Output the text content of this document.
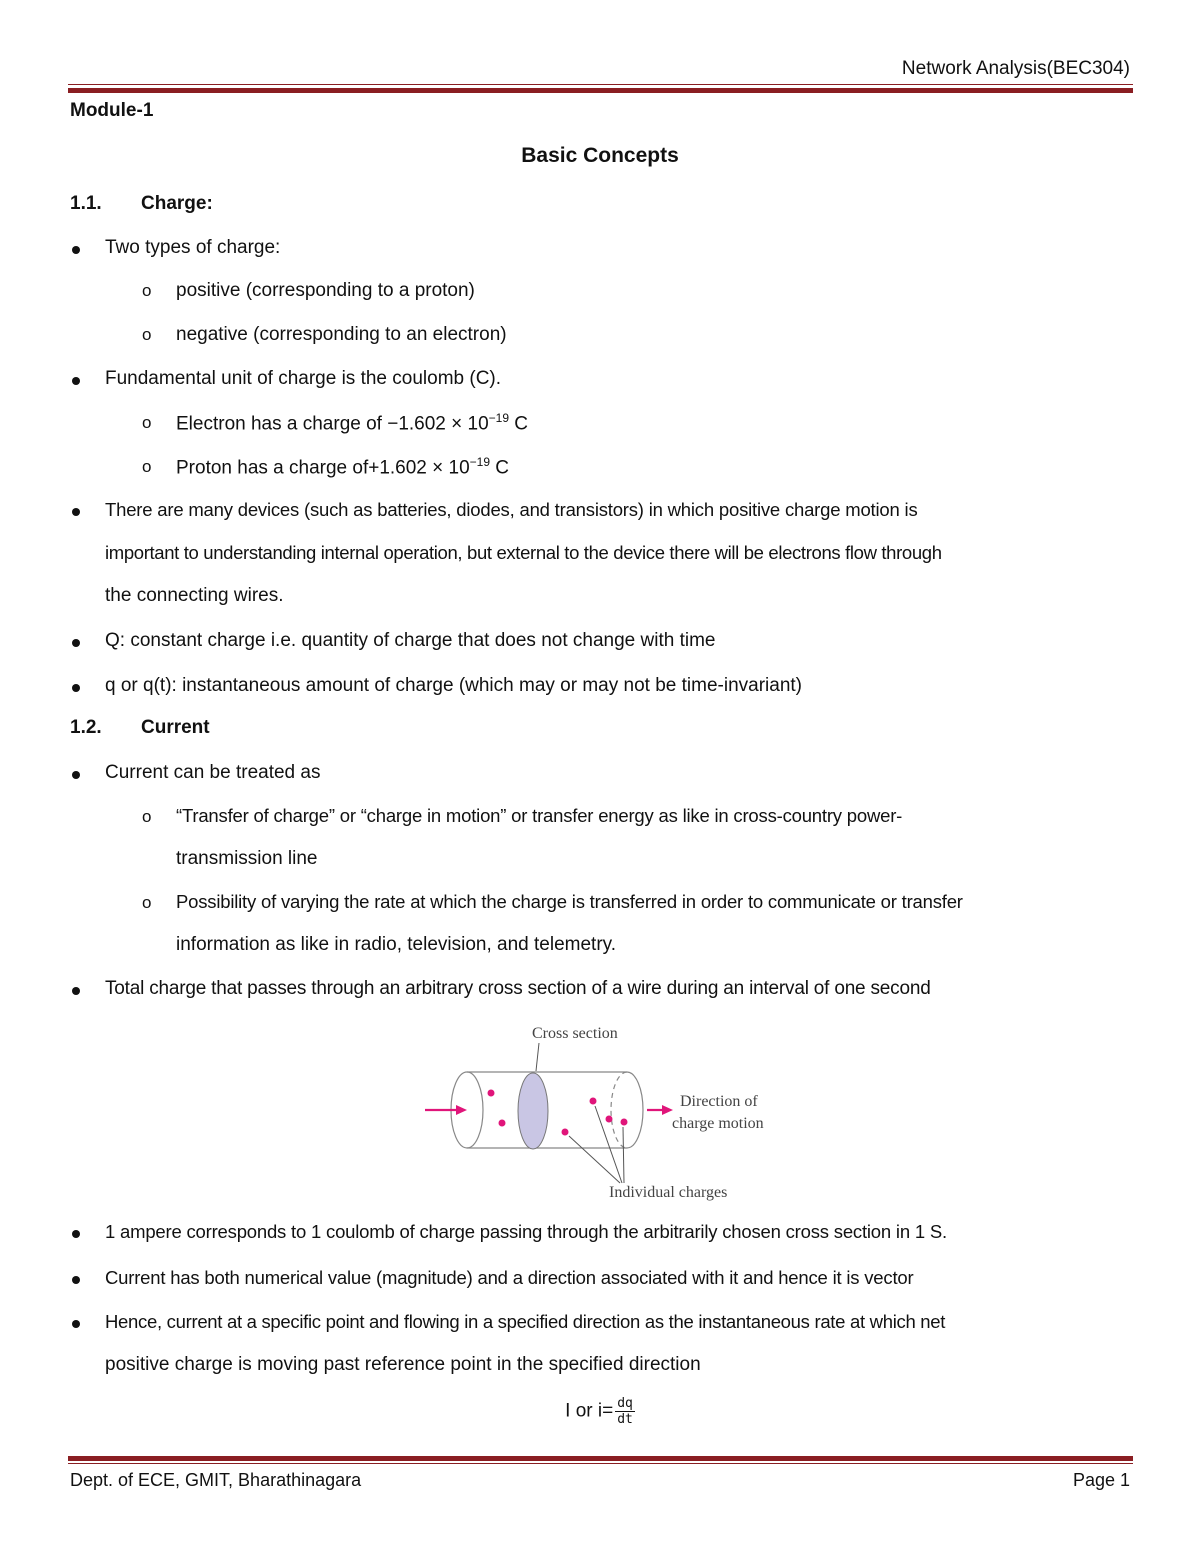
Network Analysis(BEC304)
Module-1
Basic Concepts
1.1. Charge:
Two types of charge:
o positive (corresponding to a proton)
o negative (corresponding to an electron)
Fundamental unit of charge is the coulomb (C).
o Electron has a charge of $-1.602 \times 10^{-19}$ C
o Proton has a charge $of+1.602 \times 10^{-19}$ C
There are many devices (such as batteries, diodes, and transistors) in which positive charge motion is
important to understanding internal operation, but external to the device there will be electrons flow through
the connecting wires.
Q: constant charge i.e. quantity of charge that does not change with time
q or q(t): instantaneous amount of charge (which may or may not be time-invariant)
1.2. Current
Current can be treated as
o “Transfer of charge” or “charge in motion” or transfer energy as like in cross-country power-
transmission line
o Possibility of varying the rate at which the charge is transferred in order to communicate or transfer
information as like in radio, television, and telemetry.
Total charge that passes through an arbitrary cross section of a wire during an interval of one second
Cross section
Direction of
charge motion
Individual charges
1 ampere corresponds to 1 coulomb of charge passing through the arbitrarily chosen cross section in 1 S.
Current has both numerical value (magnitude) and a direction associated with it and hence it is vector
Hence, current at a specific point and flowing in a specified direction as the instantaneous rate at which net
positive charge is moving past reference point in the specified direction
I or $i= \frac{dq}{dt}$
Dept. of ECE, GMIT, Bharathinagara	Page 1
